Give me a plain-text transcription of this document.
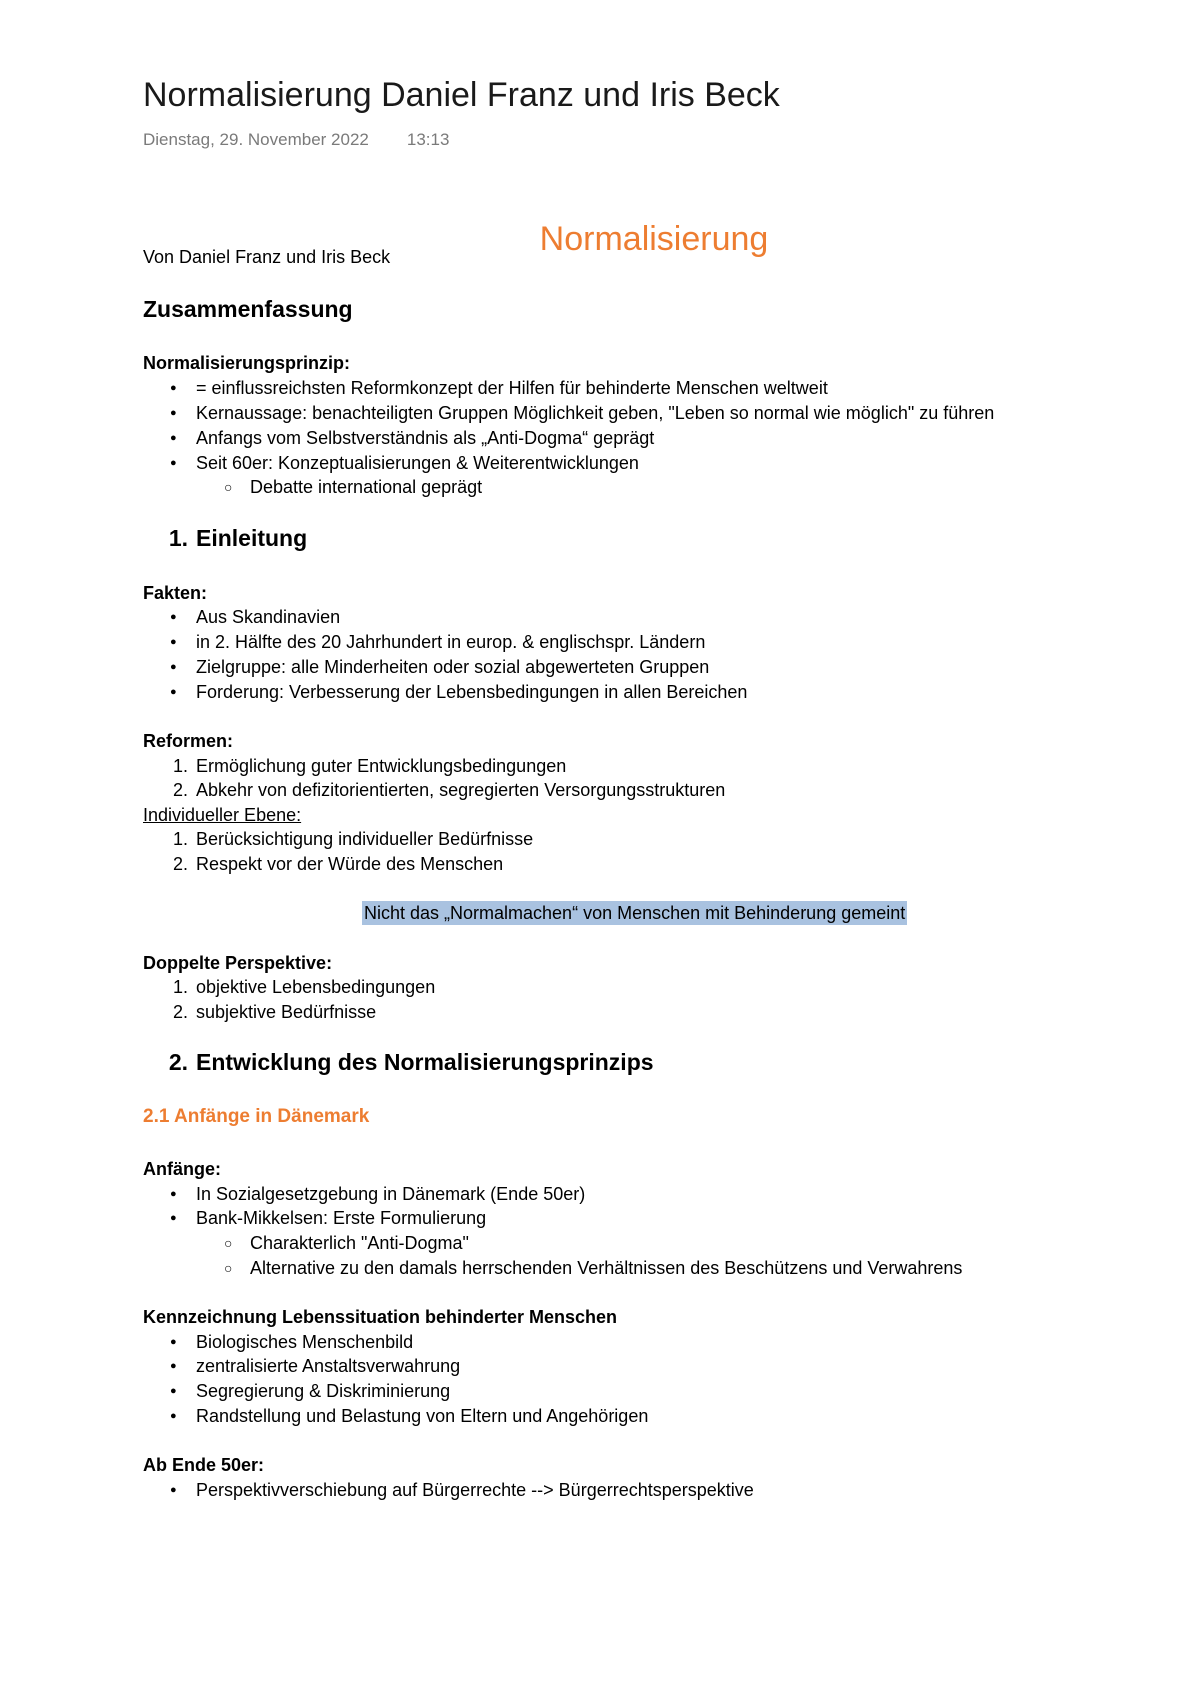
Normalisierung Daniel Franz und Iris Beck
Dienstag, 29. November 2022 13:13
Normalisierung
Von Daniel Franz und Iris Beck
Zusammenfassung
Normalisierungsprinzip:
● = einflussreichsten Reformkonzept der Hilfen für behinderte Menschen weltweit
● Kernaussage: benachteiligten Gruppen Möglichkeit geben, "Leben so normal wie möglich" zu führen
● Anfangs vom Selbstverständnis als „Anti-Dogma“ geprägt
● Seit 60er: Konzeptualisierungen & Weiterentwicklungen
○ Debatte international geprägt
1. Einleitung
Fakten:
● Aus Skandinavien
● in 2. Hälfte des 20 Jahrhundert in europ. & englischspr. Ländern
● Zielgruppe: alle Minderheiten oder sozial abgewerteten Gruppen
● Forderung: Verbesserung der Lebensbedingungen in allen Bereichen
Reformen:
1. Ermöglichung guter Entwicklungsbedingungen
2. Abkehr von defizitorientierten, segregierten Versorgungsstrukturen
Individueller Ebene:
1. Berücksichtigung individueller Bedürfnisse
2. Respekt vor der Würde des Menschen
Nicht das „Normalmachen“ von Menschen mit Behinderung gemeint
Doppelte Perspektive:
1. objektive Lebensbedingungen
2. subjektive Bedürfnisse
2. Entwicklung des Normalisierungsprinzips
2.1 Anfänge in Dänemark
Anfänge:
● In Sozialgesetzgebung in Dänemark (Ende 50er)
● Bank-Mikkelsen: Erste Formulierung
○ Charakterlich "Anti-Dogma"
○ Alternative zu den damals herrschenden Verhältnissen des Beschützens und Verwahrens
Kennzeichnung Lebenssituation behinderter Menschen
● Biologisches Menschenbild
● zentralisierte Anstaltsverwahrung
● Segregierung & Diskriminierung
● Randstellung und Belastung von Eltern und Angehörigen
Ab Ende 50er:
● Perspektivverschiebung auf Bürgerrechte --> Bürgerrechtsperspektive
